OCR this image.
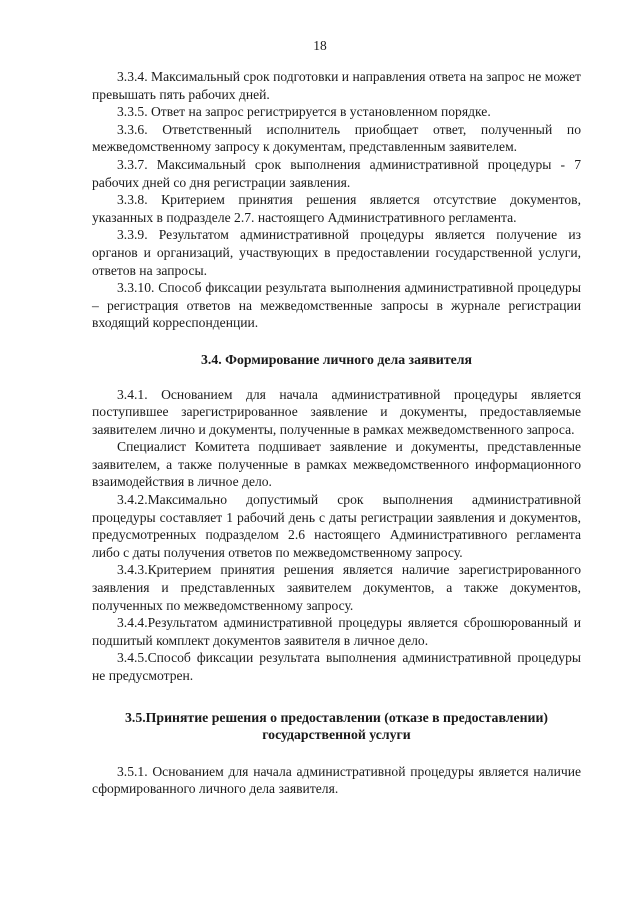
18

3.3.4. Максимальный срок подготовки и направления ответа на запрос не может превышать пять рабочих дней.

3.3.5. Ответ на запрос регистрируется в установленном порядке.

3.3.6. Ответственный исполнитель приобщает ответ, полученный по межведомственному запросу к документам, представленным заявителем.

3.3.7. Максимальный срок выполнения административной процедуры - 7 рабочих дней со дня регистрации заявления.

3.3.8. Критерием принятия решения является отсутствие документов, указанных в подразделе 2.7. настоящего Административного регламента.

3.3.9. Результатом административной процедуры является получение из органов и организаций, участвующих в предоставлении государственной услуги, ответов на запросы.

3.3.10. Способ фиксации результата выполнения административной процедуры – регистрация ответов на межведомственные запросы в журнале регистрации входящий корреспонденции.

3.4. Формирование личного дела заявителя

3.4.1. Основанием для начала административной процедуры является поступившее зарегистрированное заявление и документы, предоставляемые заявителем лично и документы, полученные в рамках межведомственного запроса.

Специалист Комитета подшивает заявление и документы, представленные заявителем, а также полученные в рамках межведомственного информационного взаимодействия в личное дело.

3.4.2.Максимально допустимый срок выполнения административной процедуры составляет 1 рабочий день с даты регистрации заявления и документов, предусмотренных подразделом 2.6 настоящего Административного регламента либо с даты получения ответов по межведомственному запросу.

3.4.3.Критерием принятия решения является наличие зарегистрированного заявления и представленных заявителем документов, а также документов, полученных по межведомственному запросу.

3.4.4.Результатом административной процедуры является сброшюрованный и подшитый комплект документов заявителя в личное дело.

3.4.5.Способ фиксации результата выполнения административной процедуры не предусмотрен.

3.5.Принятие решения о предоставлении (отказе в предоставлении)
государственной услуги

3.5.1. Основанием для начала административной процедуры является наличие сформированного личного дела заявителя.
